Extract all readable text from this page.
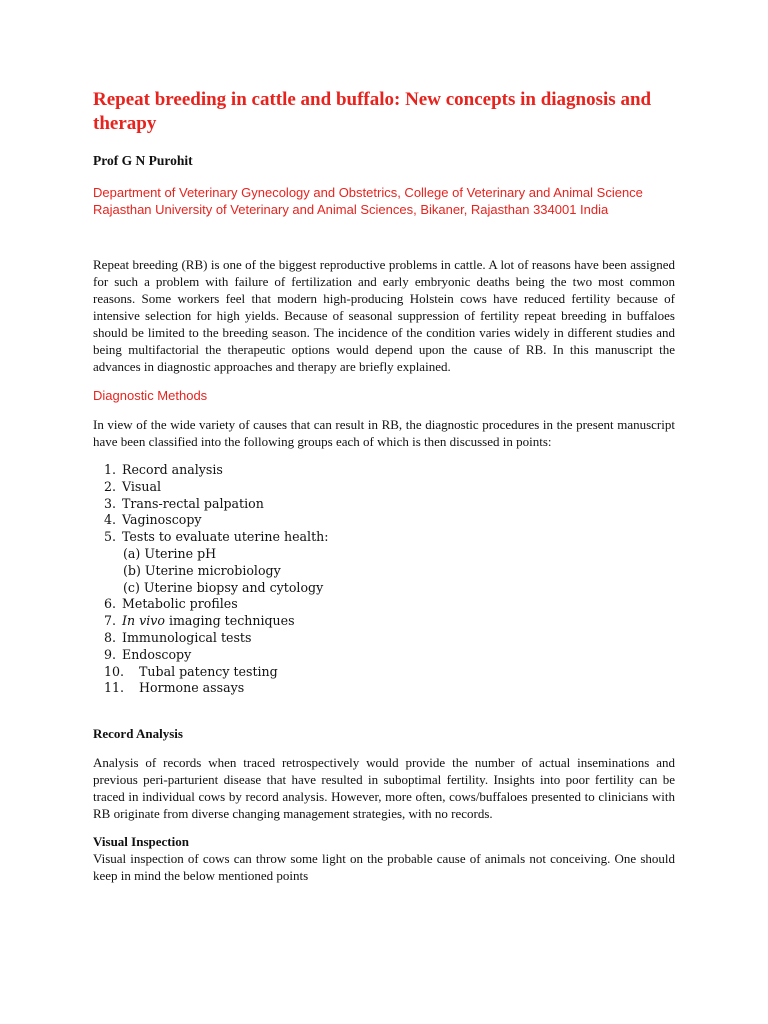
Repeat breeding in cattle and buffalo: New concepts in diagnosis and therapy

Prof G N Purohit

Department of Veterinary Gynecology and Obstetrics, College of Veterinary and Animal Science
Rajasthan University of Veterinary and Animal Sciences, Bikaner, Rajasthan 334001 India

Repeat breeding (RB) is one of the biggest reproductive problems in cattle. A lot of reasons have been assigned for such a problem with failure of fertilization and early embryonic deaths being the two most common reasons. Some workers feel that modern high-producing Holstein cows have reduced fertility because of intensive selection for high yields. Because of seasonal suppression of fertility repeat breeding in buffaloes should be limited to the breeding season. The incidence of the condition varies widely in different studies and being multifactorial the therapeutic options would depend upon the cause of RB. In this manuscript the advances in diagnostic approaches and therapy are briefly explained.

Diagnostic Methods

In view of the wide variety of causes that can result in RB, the diagnostic procedures in the present manuscript have been classified into the following groups each of which is then discussed in points:

1. Record analysis
2. Visual
3. Trans-rectal palpation
4. Vaginoscopy
5. Tests to evaluate uterine health:
(a) Uterine pH
(b) Uterine microbiology
(c) Uterine biopsy and cytology
6. Metabolic profiles
7. In vivo imaging techniques
8. Immunological tests
9. Endoscopy
10. Tubal patency testing
11. Hormone assays

Record Analysis

Analysis of records when traced retrospectively would provide the number of actual inseminations and previous peri-parturient disease that have resulted in suboptimal fertility. Insights into poor fertility can be traced in individual cows by record analysis. However, more often, cows/buffaloes presented to clinicians with RB originate from diverse changing management strategies, with no records.

Visual Inspection

Visual inspection of cows can throw some light on the probable cause of animals not conceiving. One should keep in mind the below mentioned points
